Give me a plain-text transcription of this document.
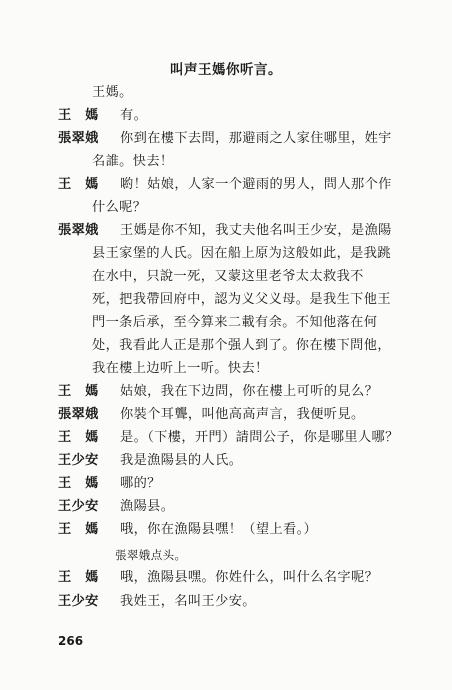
叫声王媽你听言。
王媽。
王　媽 有。
張翠娥 你到在樓下去問，那避雨之人家住哪里，姓宇
名誰。快去！
王　媽 喲！姑娘，人家一个避雨的男人，問人那个作
什么呢？
張翠娥 王媽是你不知，我丈夫他名叫王少安，是漁陽
县王家堡的人氏。因在船上原为这般如此，是我跳
在水中，只說一死，又蒙这里老爷太太救我不
死，把我帶回府中，認为义父义母。是我生下他王
門一条后承，至今算来二載有余。不知他落在何
处，我看此人正是那个强人到了。你在樓下問他，
我在樓上边听上一听。快去！
王　媽 姑娘，我在下边問，你在樓上可听的見么？
張翠娥 你裝个耳聾，叫他高高声言，我便听見。
王　媽 是。（下樓，开門）請問公子，你是哪里人哪？
王少安 我是漁陽县的人氏。
王　媽 哪的？
王少安 漁陽县。
王　媽 哦，你在漁陽县嘿！（望上看。）
張翠娥点头。
王　媽 哦，漁陽县嘿。你姓什么，叫什么名字呢？
王少安 我姓王，名叫王少安。
266
